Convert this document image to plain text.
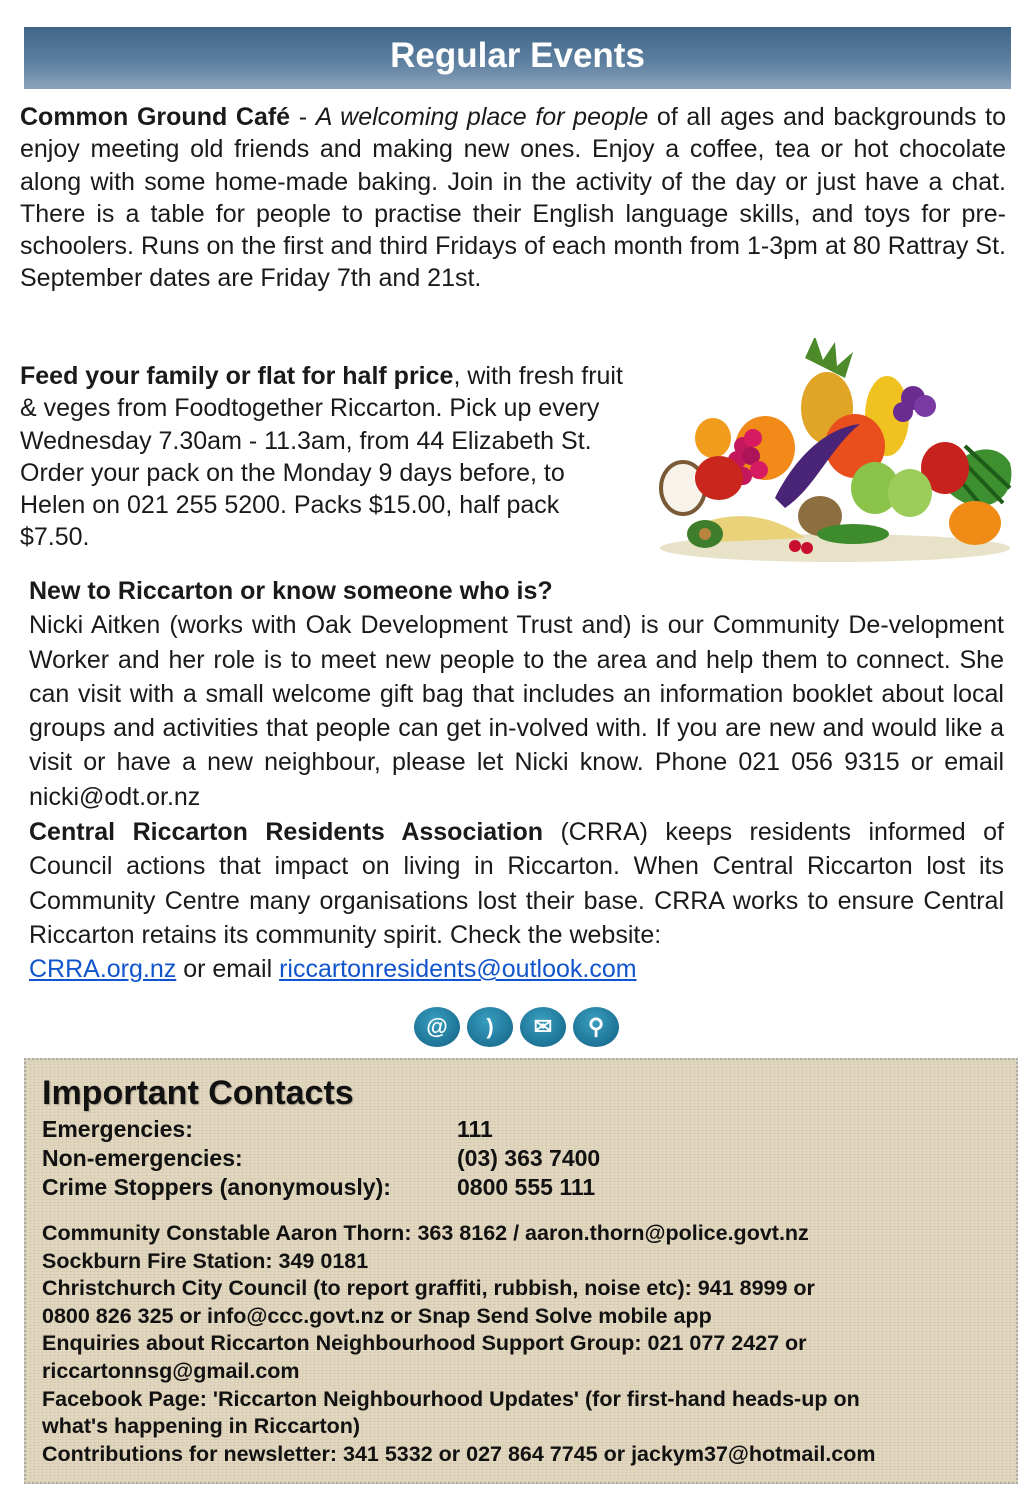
Regular Events

Common Ground Café - A welcoming place for people of all ages and backgrounds to enjoy meeting old friends and making new ones. Enjoy a coffee, tea or hot chocolate along with some home-made baking. Join in the activity of the day or just have a chat. There is a table for people to practise their English language skills, and toys for pre-schoolers. Runs on the first and third Fridays of each month from 1-3pm at 80 Rattray St. September dates are Friday 7th and 21st.

Feed your family or flat for half price, with fresh fruit
& veges from Foodtogether Riccarton. Pick up every
Wednesday 7.30am - 11.3am, from 44 Elizabeth St.
Order your pack on the Monday 9 days before, to
Helen on 021 255 5200. Packs $15.00, half pack
$7.50.
New to Riccarton or know someone who is?
Nicki Aitken (works with Oak Development Trust and) is our Community De-velopment Worker and her role is to meet new people to the area and help them to connect. She can visit with a small welcome gift bag that includes an information booklet about local groups and activities that people can get in-volved with. If you are new and would like a visit or have a new neighbour, please let Nicki know. Phone 021 056 9315 or email nicki@odt.or.nz
Central Riccarton Residents Association (CRRA) keeps residents informed of Council actions that impact on living in Riccarton. When Central Riccarton lost its Community Centre many organisations lost their base. CRRA works to ensure Central Riccarton retains its community spirit. Check the website:
CRRA.org.nz or email riccartonresidents@outlook.com
@	)	✉	⚲
Important Contacts
Emergencies:	111
Non-emergencies:	(03) 363 7400
Crime Stoppers (anonymously):	0800 555 111
Community Constable Aaron Thorn: 363 8162 / aaron.thorn@police.govt.nz
Sockburn Fire Station: 349 0181
Christchurch City Council (to report graffiti, rubbish, noise etc): 941 8999 or
0800 826 325 or info@ccc.govt.nz or Snap Send Solve mobile app
Enquiries about Riccarton Neighbourhood Support Group: 021 077 2427 or
riccartonnsg@gmail.com
Facebook Page: 'Riccarton Neighbourhood Updates' (for first-hand heads-up on
what's happening in Riccarton)
Contributions for newsletter: 341 5332 or 027 864 7745 or jackym37@hotmail.com
